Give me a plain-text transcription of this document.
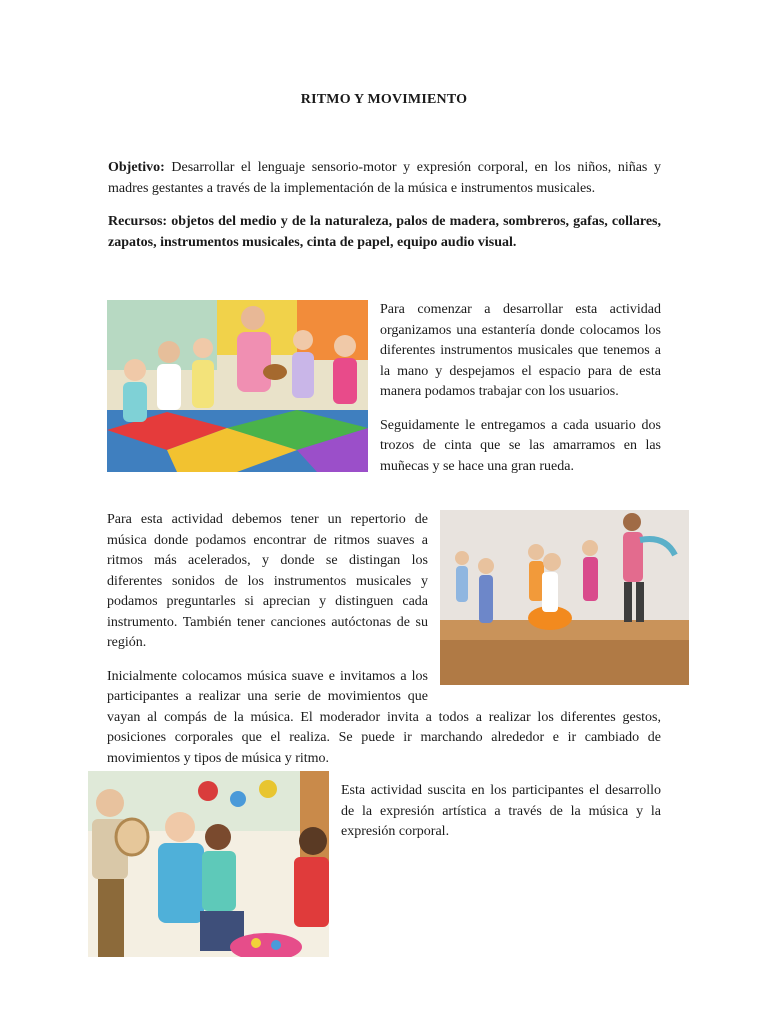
RITMO Y MOVIMIENTO
Objetivo: Desarrollar el lenguaje sensorio-motor y expresión corporal, en los niños, niñas y madres gestantes a través de la implementación de la música e instrumentos musicales.
Recursos: objetos del medio y de la naturaleza, palos de madera, sombreros, gafas, collares, zapatos, instrumentos musicales, cinta de papel, equipo audio visual.

Para comenzar a desarrollar esta actividad organizamos una estantería donde colocamos los diferentes instrumentos musicales que tenemos a la mano y despejamos el espacio para de esta manera podamos trabajar con los usuarios.

Seguidamente le entregamos a cada usuario dos trozos de cinta que se las amarramos en las muñecas y se hace una gran rueda.

Para esta actividad debemos tener un repertorio de música donde podamos encontrar de ritmos suaves a ritmos más acelerados, y donde se distingan los diferentes sonidos de los instrumentos musicales y podamos preguntarles si aprecian y distinguen cada instrumento. También tener canciones autóctonas de su región.

Inicialmente colocamos música suave e invitamos a los participantes a realizar una serie de movimientos que vayan al compás de la música. El moderador invita a todos a realizar los diferentes gestos, posiciones corporales que el realiza. Se puede ir marchando alrededor e ir cambiado de movimientos y tipos de música y ritmo.

Esta actividad suscita en los participantes el desarrollo de la expresión artística a través de la música y la expresión corporal.
